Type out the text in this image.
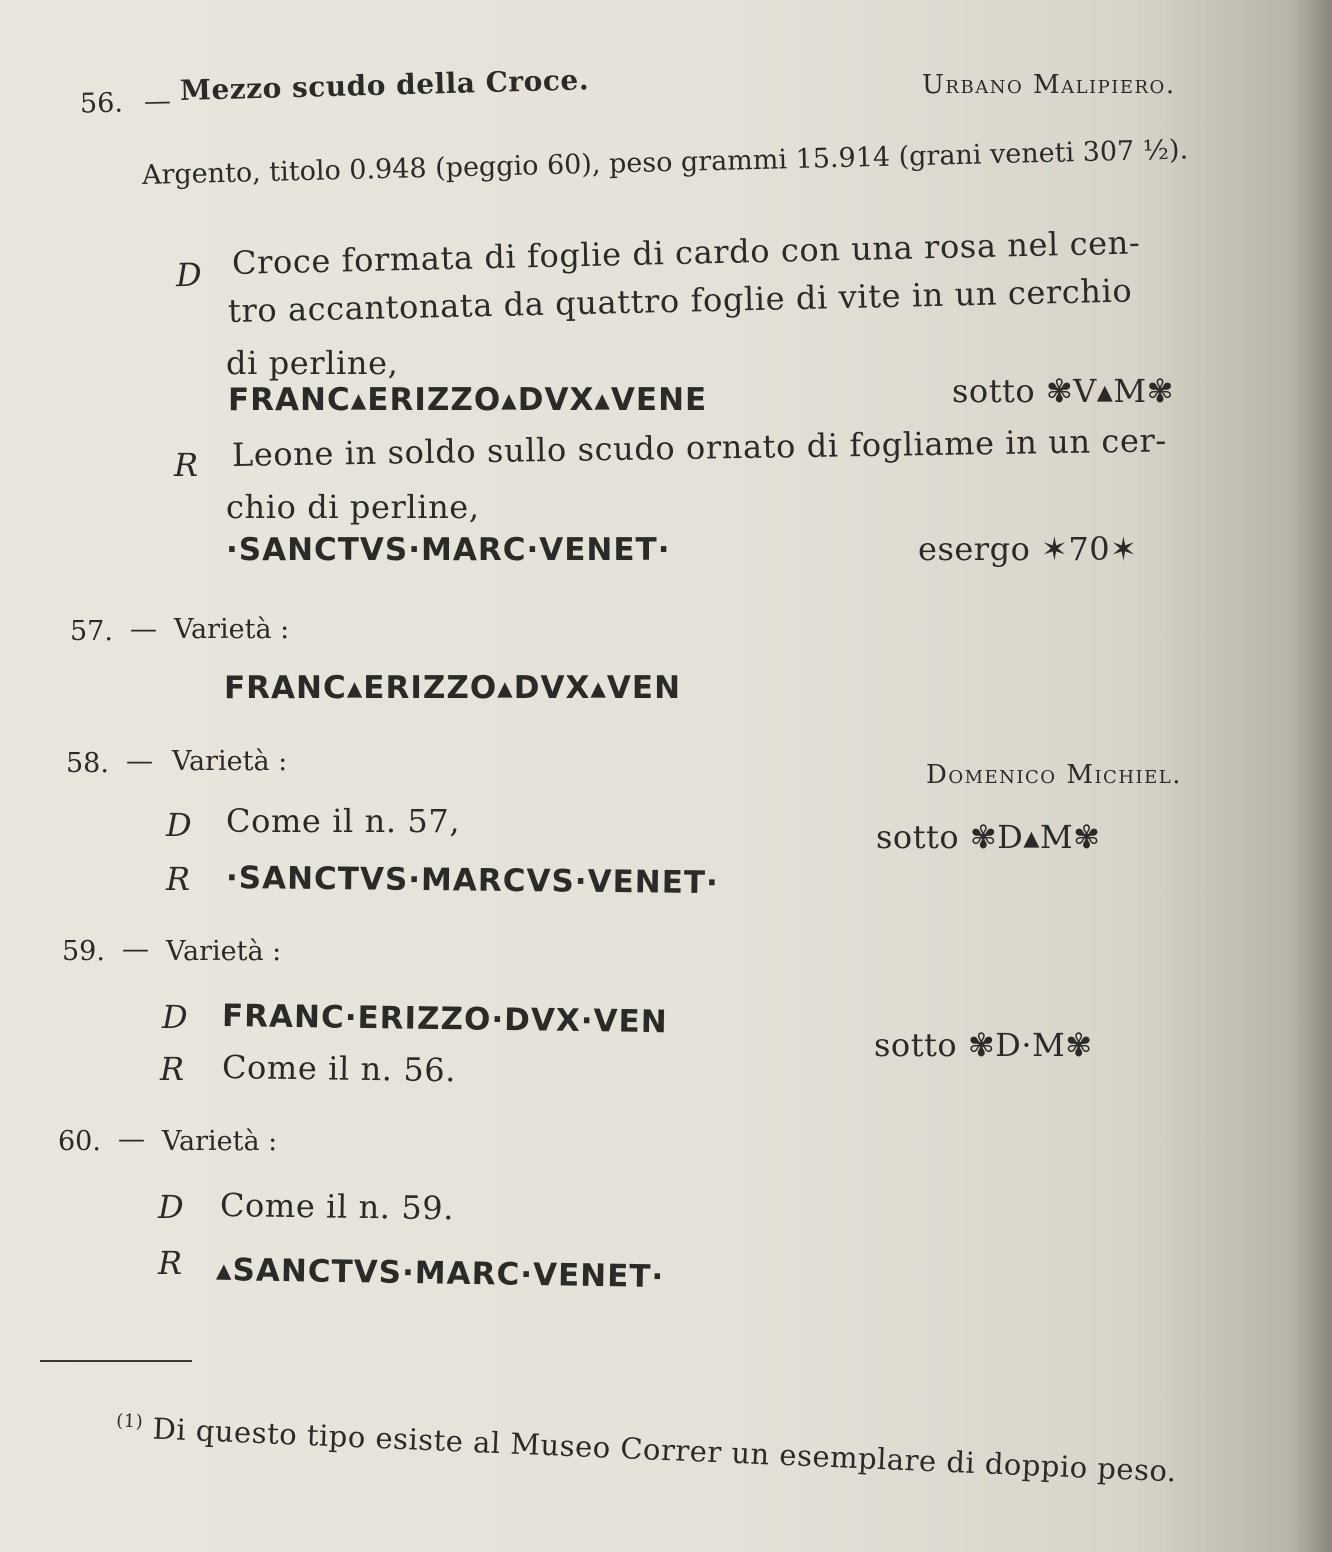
56. — Mezzo scudo della Croce.	Urbano Malipiero.
Argento, titolo 0.948 (peggio 60), peso grammi 15.914 (grani veneti 307 ½).
D Croce formata di foglie di cardo con una rosa nel cen-
tro accantonata da quattro foglie di vite in un cerchio
di perline,
FRANC▴ERIZZO▴DVX▴VENE	sotto ✾V▴M✾
R Leone in soldo sullo scudo ornato di fogliame in un cer-
chio di perline,
·SANCTVS·MARC·VENET·	esergo ✶70✶
57. — Varietà :
FRANC▴ERIZZO▴DVX▴VEN
58. — Varietà :	Domenico Michiel.
D Come il n. 57,	sotto ✾D▴M✾
R ·SANCTVS·MARCVS·VENET·
59. — Varietà :
D FRANC·ERIZZO·DVX·VEN
sotto ✾D·M✾
R Come il n. 56.
60. — Varietà :
D Come il n. 59.
R ▴SANCTVS·MARC·VENET·
$^{(1)}$ Di questo tipo esiste al Museo Correr un esemplare di doppio peso.
